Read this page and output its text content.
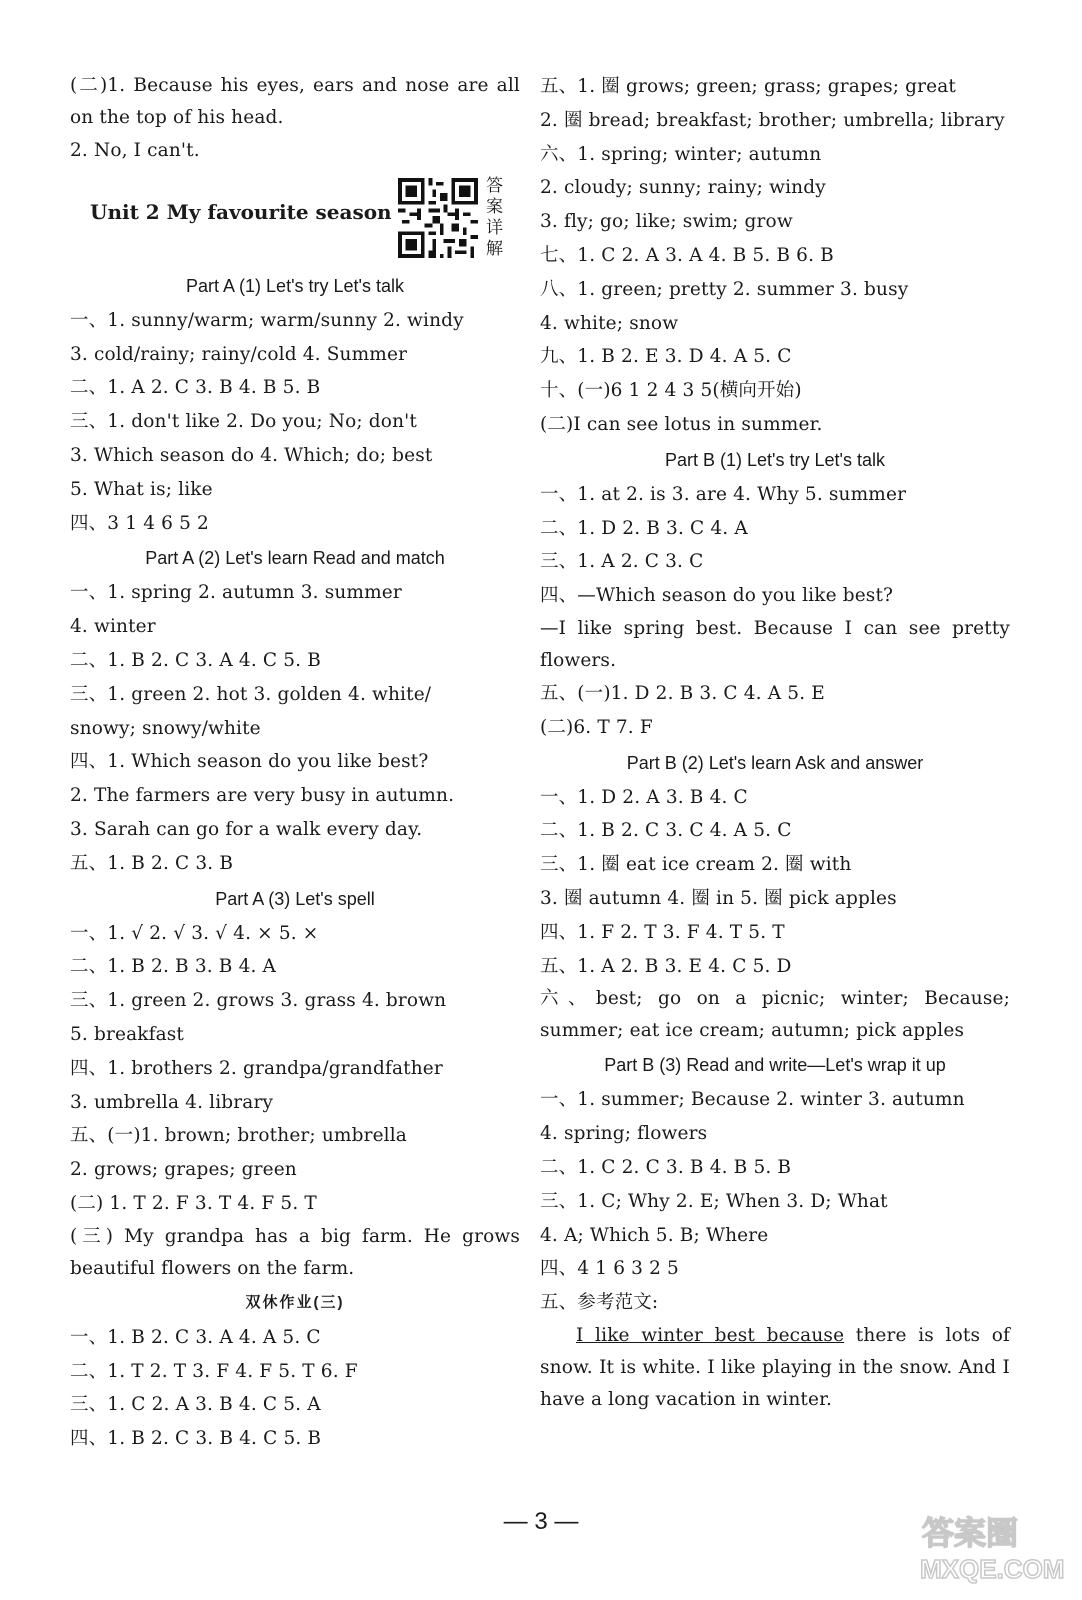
(二)1. Because his eyes, ears and nose are all on the top of his head.
2. No, I can't.
Unit 2 My favourite season
答案详解
Part A (1) Let's try Let's talk
一、1. sunny/warm; warm/sunny 2. windy
3. cold/rainy; rainy/cold 4. Summer
二、1. A 2. C 3. B 4. B 5. B
三、1. don't like 2. Do you; No; don't
3. Which season do 4. Which; do; best
5. What is; like
四、3 1 4 6 5 2
Part A (2) Let's learn Read and match
一、1. spring 2. autumn 3. summer
4. winter
二、1. B 2. C 3. A 4. C 5. B
三、1. green 2. hot 3. golden 4. white/
snowy; snowy/white
四、1. Which season do you like best?
2. The farmers are very busy in autumn.
3. Sarah can go for a walk every day.
五、1. B 2. C 3. B
Part A (3) Let's spell
一、1. √ 2. √ 3. √ 4. × 5. ×
二、1. B 2. B 3. B 4. A
三、1. green 2. grows 3. grass 4. brown
5. breakfast
四、1. brothers 2. grandpa/grandfather
3. umbrella 4. library
五、(一)1. brown; brother; umbrella
2. grows; grapes; green
(二) 1. T 2. F 3. T 4. F 5. T
(三) My grandpa has a big farm. He grows beautiful flowers on the farm.
双休作业(三)
一、1. B 2. C 3. A 4. A 5. C
二、1. T 2. T 3. F 4. F 5. T 6. F
三、1. C 2. A 3. B 4. C 5. A
四、1. B 2. C 3. B 4. C 5. B
五、1. 圈 grows; green; grass; grapes; great
2. 圈 bread; breakfast; brother; umbrella; library
六、1. spring; winter; autumn
2. cloudy; sunny; rainy; windy
3. fly; go; like; swim; grow
七、1. C 2. A 3. A 4. B 5. B 6. B
八、1. green; pretty 2. summer 3. busy
4. white; snow
九、1. B 2. E 3. D 4. A 5. C
十、(一)6 1 2 4 3 5(横向开始)
(二)I can see lotus in summer.
Part B (1) Let's try Let's talk
一、1. at 2. is 3. are 4. Why 5. summer
二、1. D 2. B 3. C 4. A
三、1. A 2. C 3. C
四、—Which season do you like best?
—I like spring best. Because I can see pretty flowers.
五、(一)1. D 2. B 3. C 4. A 5. E
(二)6. T 7. F
Part B (2) Let's learn Ask and answer
一、1. D 2. A 3. B 4. C
二、1. B 2. C 3. C 4. A 5. C
三、1. 圈 eat ice cream 2. 圈 with
3. 圈 autumn 4. 圈 in 5. 圈 pick apples
四、1. F 2. T 3. F 4. T 5. T
五、1. A 2. B 3. E 4. C 5. D
六、best; go on a picnic; winter; Because; summer; eat ice cream; autumn; pick apples
Part B (3) Read and write—Let's wrap it up
一、1. summer; Because 2. winter 3. autumn
4. spring; flowers
二、1. C 2. C 3. B 4. B 5. B
三、1. C; Why 2. E; When 3. D; What
4. A; Which 5. B; Where
四、4 1 6 3 2 5
五、参考范文:
I like winter best because there is lots of snow. It is white. I like playing in the snow. And I have a long vacation in winter.
— 3 —	答案圈
MXQE.COM
